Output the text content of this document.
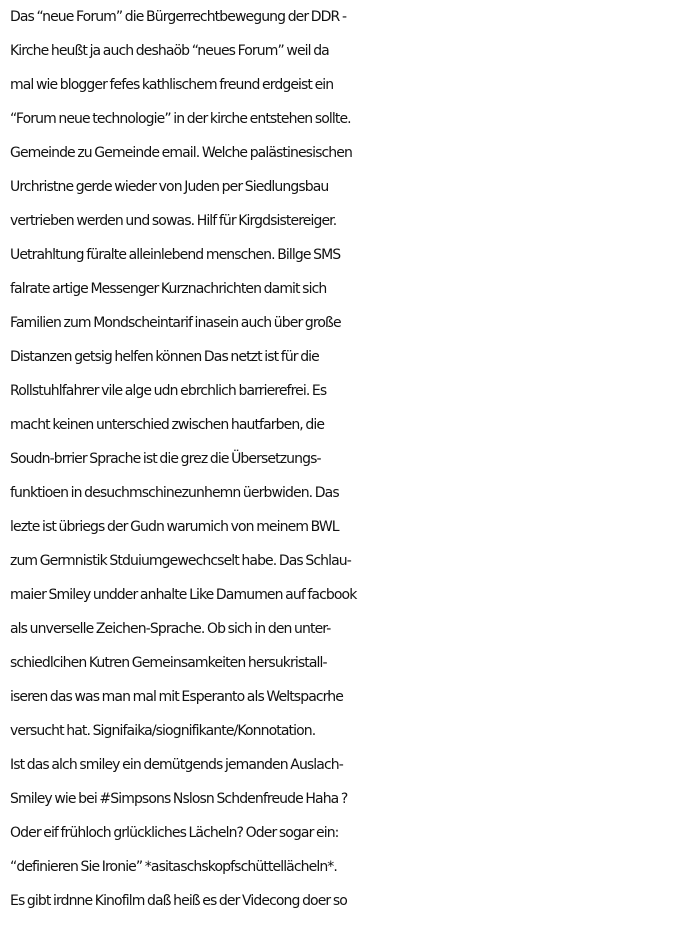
Das “neue Forum” die Bürgerrechtbewegung der DDR -
Kirche heußt ja auch deshaöb “neues Forum” weil da
mal wie blogger fefes kathlischem freund erdgeist ein
“Forum neue technologie” in der kirche entstehen sollte.
Gemeinde zu Gemeinde email. Welche palästinesischen
Urchristne gerde wieder von Juden per Siedlungsbau
vertrieben werden und sowas. Hilf für Kirgdsistereiger.
Uetrahltung füralte alleinlebend menschen. Billge SMS
falrate artige Messenger Kurznachrichten damit sich
Familien zum Mondscheintarif inasein auch über große
Distanzen getsig helfen können Das netzt ist für die
Rollstuhlfahrer vile alge udn ebrchlich barrierefrei. Es
macht keinen unterschied zwischen hautfarben, die
Soudn-brrier Sprache ist die grez die Übersetzungs-
funktioen in desuchmschinezunhemn üerbwiden. Das
lezte ist übriegs der Gudn warumich von meinem BWL
zum Germnistik Stduiumgewechcselt habe. Das Schlau-
maier Smiley undder anhalte Like Damumen auf facbook
als unverselle Zeichen-Sprache. Ob sich in den unter-
schiedlcihen Kutren Gemeinsamkeiten hersukristall-
iseren das was man mal mit Esperanto als Weltspacrhe
versucht hat. Signifaika/siognifikante/Konnotation.
Ist das alch smiley ein demütgends jemanden Auslach-
Smiley wie bei #Simpsons Nslosn Schdenfreude Haha ?
Oder eif frühloch grlückliches Lächeln? Oder sogar ein:
“definieren Sie Ironie” *asitaschskopfschüttellächeln*.
Es gibt irdnne Kinofilm daß heiß es der Videcong doer so
